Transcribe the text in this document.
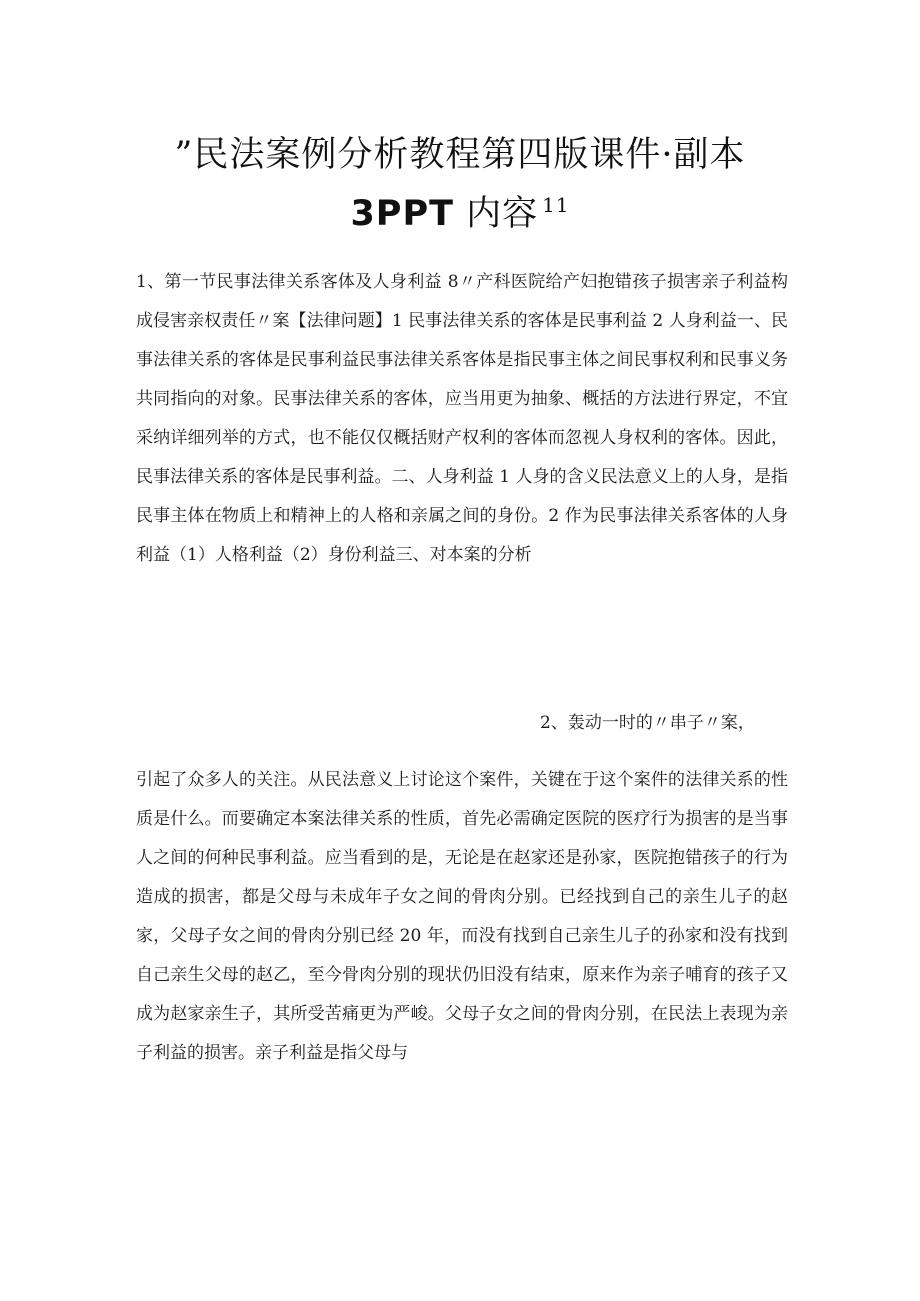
”民法案例分析教程第四版课件·副本
3PPT 内容 $^{11}$

1、第一节民事法律关系客体及人身利益 8〃产科医院给产妇抱错孩子损害亲子利益构成侵害亲权责任〃案【法律问题】1 民事法律关系的客体是民事利益 2 人身利益一、民事法律关系的客体是民事利益民事法律关系客体是指民事主体之间民事权利和民事义务共同指向的对象。民事法律关系的客体，应当用更为抽象、概括的方法进行界定，不宜采纳详细列举的方式，也不能仅仅概括财产权利的客体而忽视人身权利的客体。因此，民事法律关系的客体是民事利益。二、人身利益 1 人身的含义民法意义上的人身，是指民事主体在物质上和精神上的人格和亲属之间的身份。2 作为民事法律关系客体的人身利益（1）人格利益（2）身份利益三、对本案的分析

2、轰动一时的〃串子〃案，

引起了众多人的关注。从民法意义上讨论这个案件，关键在于这个案件的法律关系的性质是什么。而要确定本案法律关系的性质，首先必需确定医院的医疗行为损害的是当事人之间的何种民事利益。应当看到的是，无论是在赵家还是孙家，医院抱错孩子的行为造成的损害，都是父母与未成年子女之间的骨肉分别。已经找到自己的亲生儿子的赵家，父母子女之间的骨肉分别已经 20 年，而没有找到自己亲生儿子的孙家和没有找到自己亲生父母的赵乙，至今骨肉分别的现状仍旧没有结束，原来作为亲子哺育的孩子又成为赵家亲生子，其所受苦痛更为严峻。父母子女之间的骨肉分别，在民法上表现为亲子利益的损害。亲子利益是指父母与
